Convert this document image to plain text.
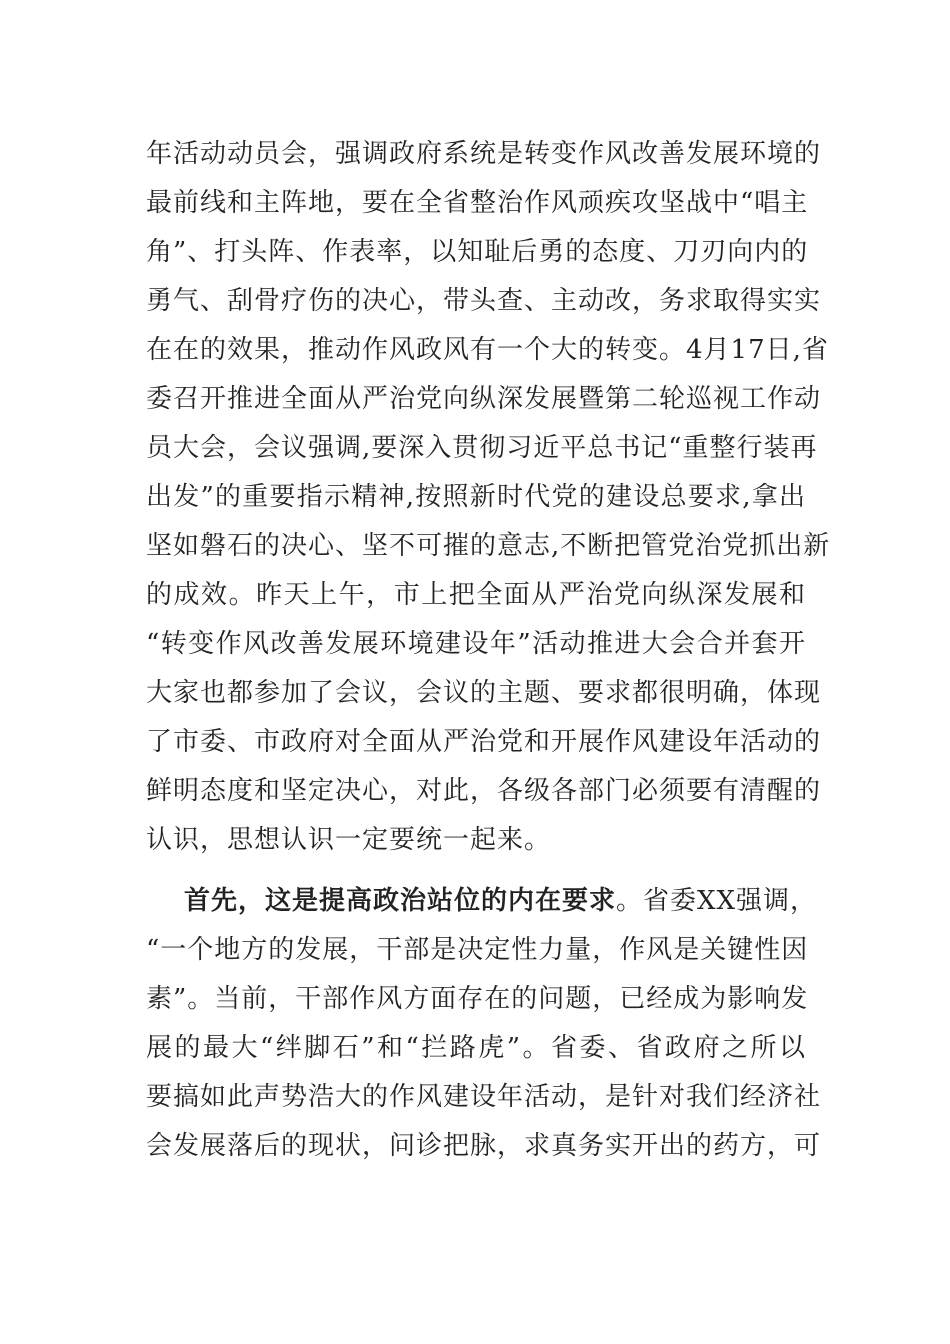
年活动动员会，强调政府系统是转变作风改善发展环境的
最前线和主阵地，要在全省整治作风顽疾攻坚战中“唱主
角”、打头阵、作表率，以知耻后勇的态度、刀刃向内的
勇气、刮骨疗伤的决心，带头查、主动改，务求取得实实
在在的效果，推动作风政风有一个大的转变。4月17日,省
委召开推进全面从严治党向纵深发展暨第二轮巡视工作动
员大会，会议强调,要深入贯彻习近平总书记“重整行装再
出发”的重要指示精神,按照新时代党的建设总要求,拿出
坚如磐石的决心、坚不可摧的意志,不断把管党治党抓出新
的成效。昨天上午，市上把全面从严治党向纵深发展和
“转变作风改善发展环境建设年”活动推进大会合并套开
大家也都参加了会议，会议的主题、要求都很明确，体现
了市委、市政府对全面从严治党和开展作风建设年活动的
鲜明态度和坚定决心，对此，各级各部门必须要有清醒的
认识，思想认识一定要统一起来。
首先，这是提高政治站位的内在要求。省委XX强调，
“一个地方的发展，干部是决定性力量，作风是关键性因
素”。当前，干部作风方面存在的问题，已经成为影响发
展的最大“绊脚石”和“拦路虎”。省委、省政府之所以
要搞如此声势浩大的作风建设年活动，是针对我们经济社
会发展落后的现状，问诊把脉，求真务实开出的药方，可
